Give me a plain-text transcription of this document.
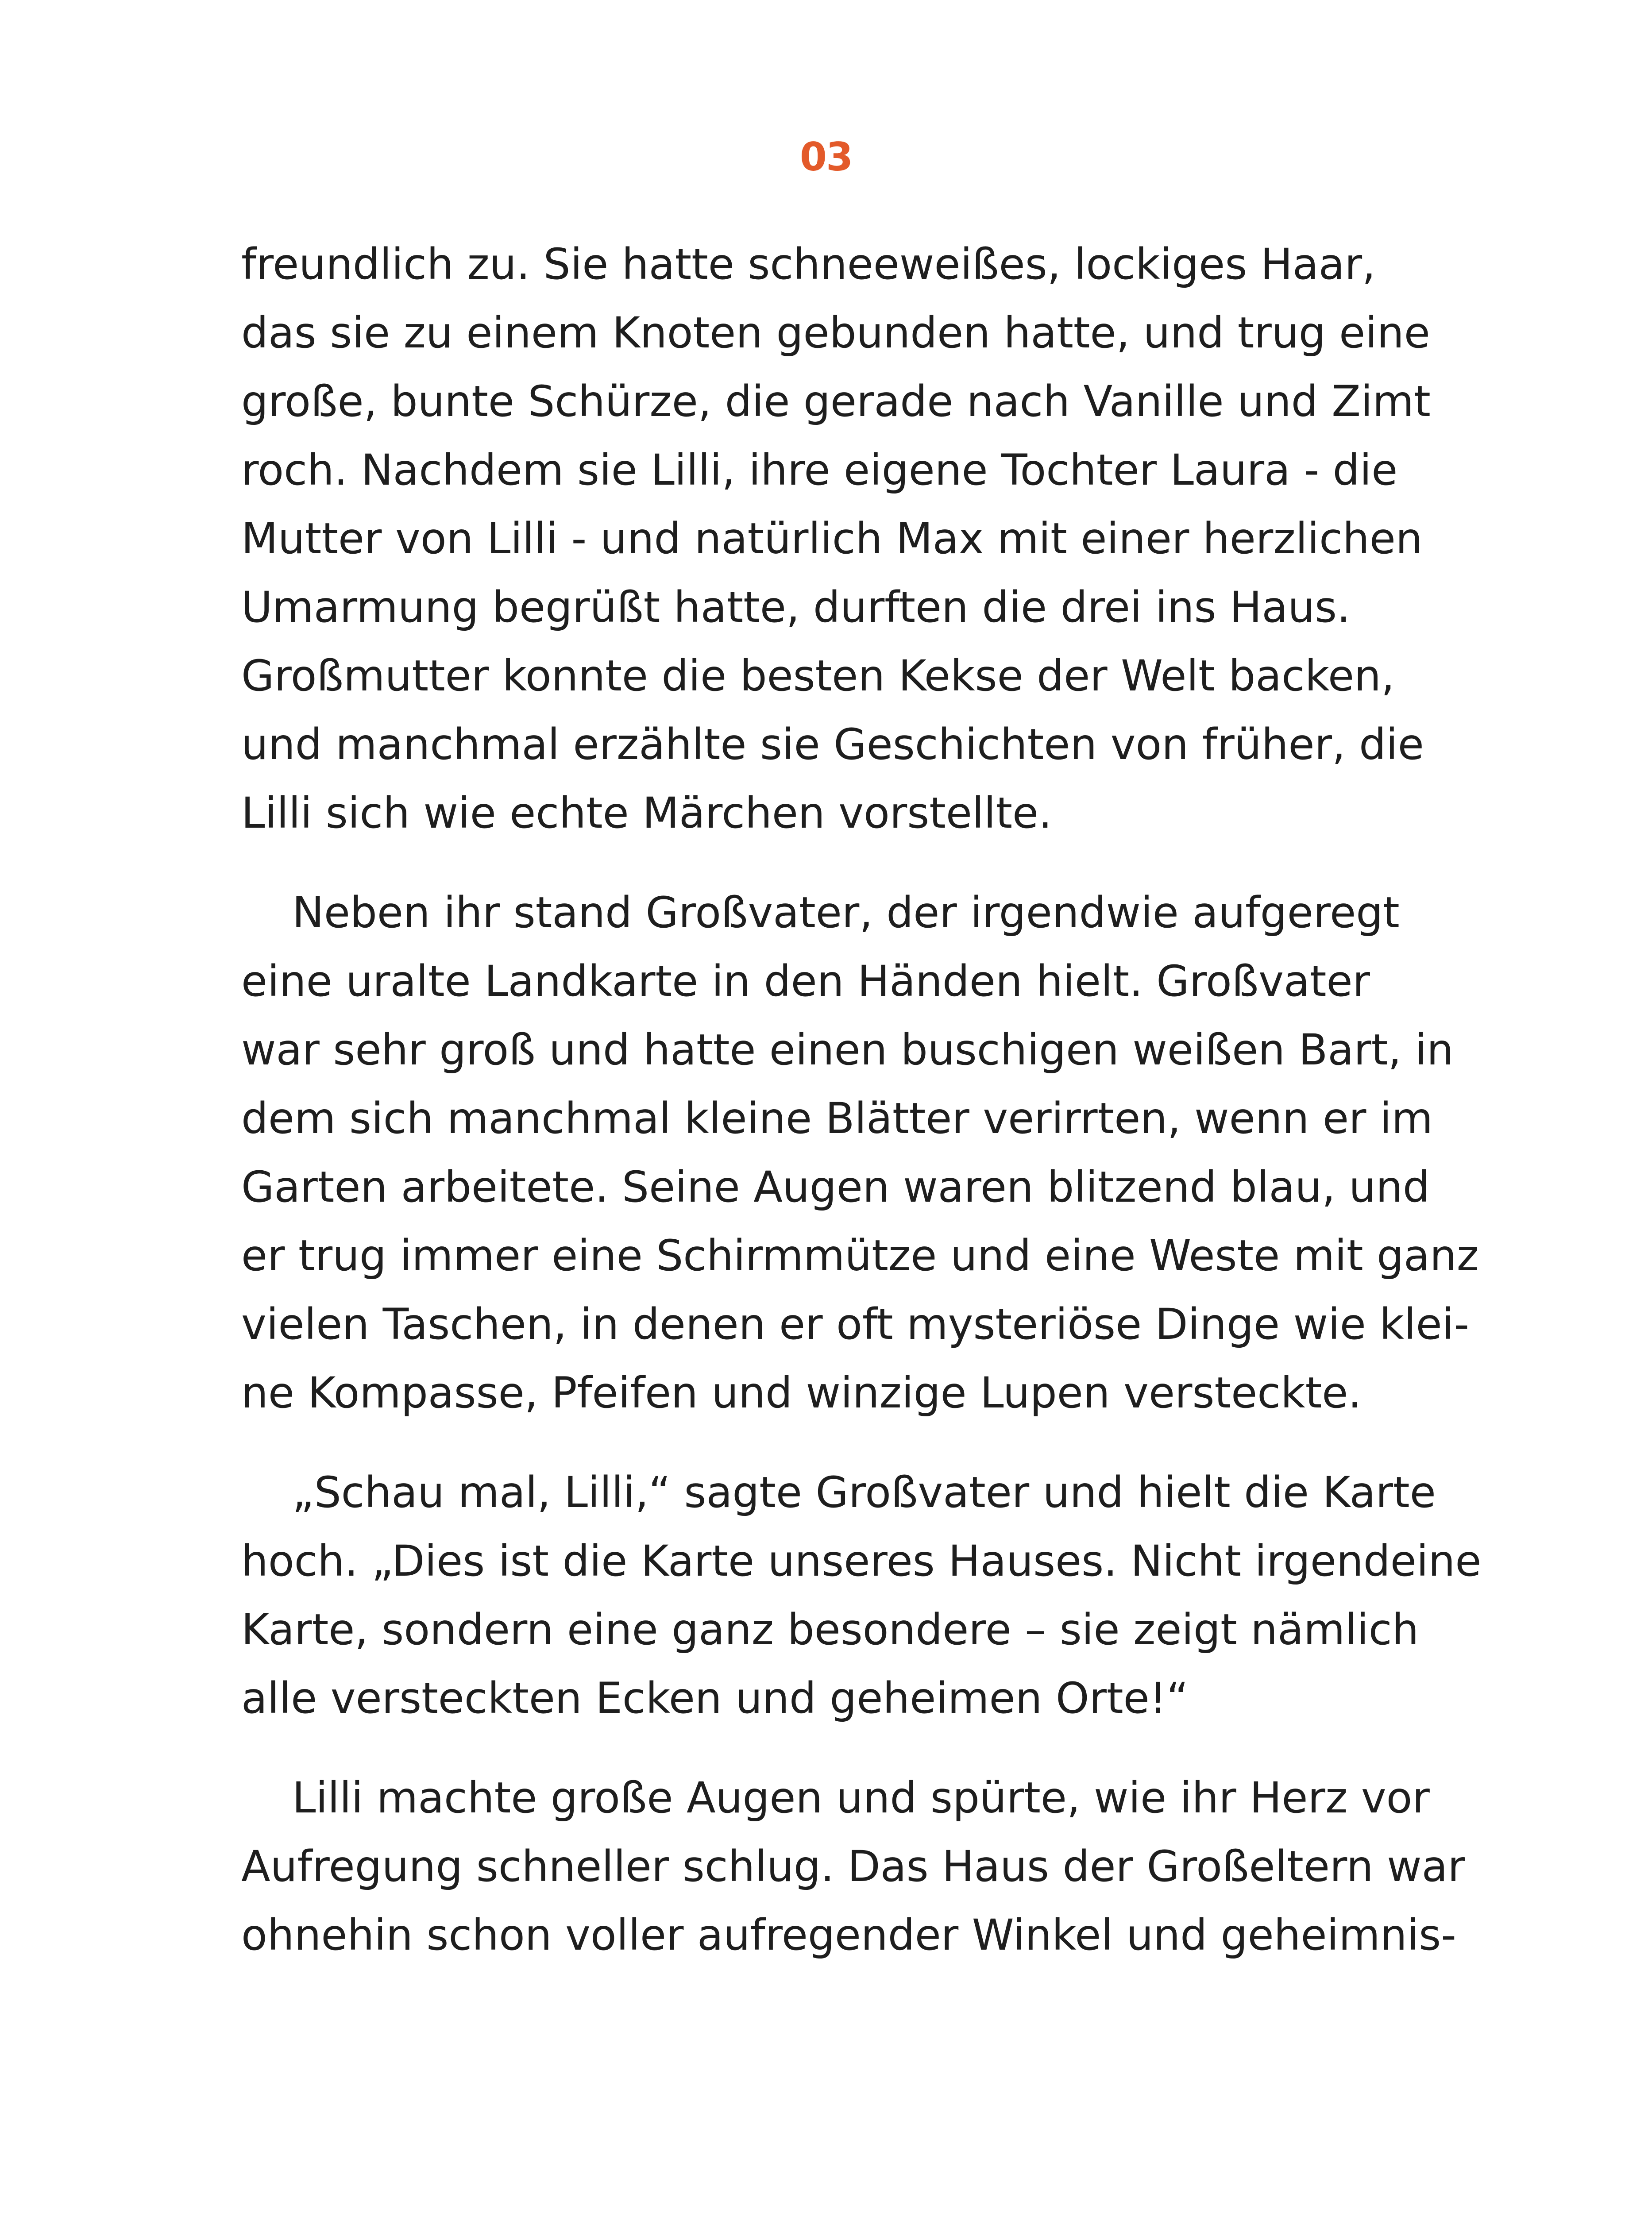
03
freundlich zu. Sie hatte schneeweißes, lockiges Haar,
das sie zu einem Knoten gebunden hatte, und trug eine
große, bunte Schürze, die gerade nach Vanille und Zimt
roch. Nachdem sie Lilli, ihre eigene Tochter Laura - die
Mutter von Lilli - und natürlich Max mit einer herzlichen
Umarmung begrüßt hatte, durften die drei ins Haus.
Großmutter konnte die besten Kekse der Welt backen,
und manchmal erzählte sie Geschichten von früher, die
Lilli sich wie echte Märchen vorstellte.
Neben ihr stand Großvater, der irgendwie aufgeregt
eine uralte Landkarte in den Händen hielt. Großvater
war sehr groß und hatte einen buschigen weißen Bart, in
dem sich manchmal kleine Blätter verirrten, wenn er im
Garten arbeitete. Seine Augen waren blitzend blau, und
er trug immer eine Schirmmütze und eine Weste mit ganz
vielen Taschen, in denen er oft mysteriöse Dinge wie klei-
ne Kompasse, Pfeifen und winzige Lupen versteckte.
„Schau mal, Lilli,“ sagte Großvater und hielt die Karte
hoch. „Dies ist die Karte unseres Hauses. Nicht irgendeine
Karte, sondern eine ganz besondere – sie zeigt nämlich
alle versteckten Ecken und geheimen Orte!“
Lilli machte große Augen und spürte, wie ihr Herz vor
Aufregung schneller schlug. Das Haus der Großeltern war
ohnehin schon voller aufregender Winkel und geheimnis-
